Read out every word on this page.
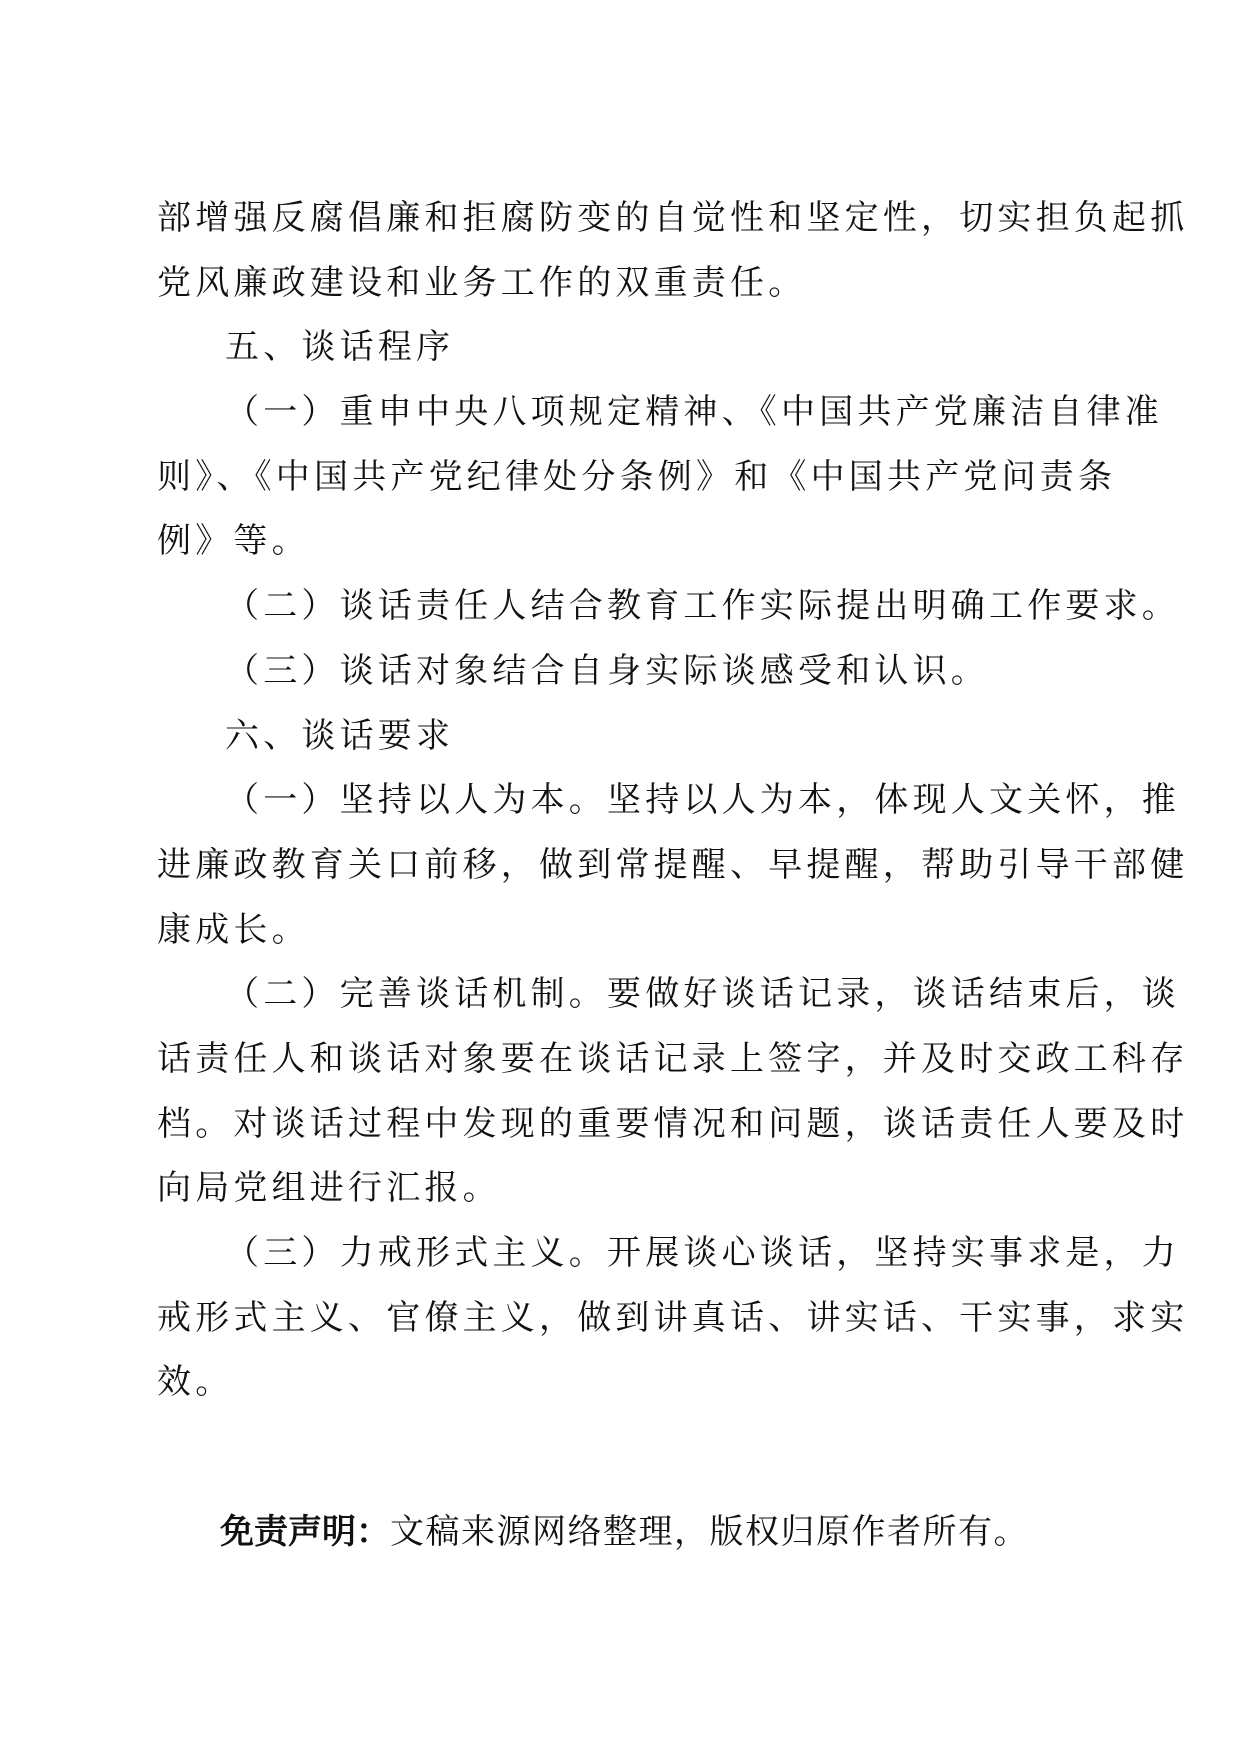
部增强反腐倡廉和拒腐防变的自觉性和坚定性，切实担负起抓
党风廉政建设和业务工作的双重责任。
五、谈话程序
（一）重申中央八项规定精神、《中国共产党廉洁自律准
则》、《中国共产党纪律处分条例》和《中国共产党问责条
例》等。
（二）谈话责任人结合教育工作实际提出明确工作要求。
（三）谈话对象结合自身实际谈感受和认识。
六、谈话要求
（一）坚持以人为本。坚持以人为本，体现人文关怀，推
进廉政教育关口前移，做到常提醒、早提醒，帮助引导干部健
康成长。
（二）完善谈话机制。要做好谈话记录，谈话结束后，谈
话责任人和谈话对象要在谈话记录上签字，并及时交政工科存
档。对谈话过程中发现的重要情况和问题，谈话责任人要及时
向局党组进行汇报。
（三）力戒形式主义。开展谈心谈话，坚持实事求是，力
戒形式主义、官僚主义，做到讲真话、讲实话、干实事，求实
效。
免责声明：文稿来源网络整理，版权归原作者所有。
